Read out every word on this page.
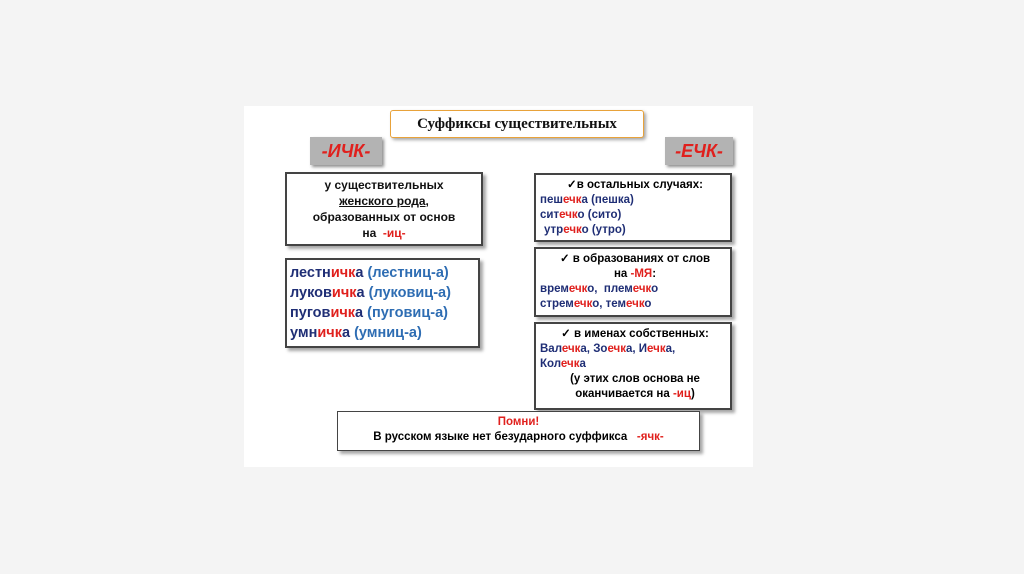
Суффиксы существительных
-ИЧК-	-ЕЧК-
у существительных
женского рода,
образованных от основ
на -иц-
лестничка (лестниц-а)
луковичка (луковиц-а)
пуговичка (пуговиц-а)
умничка (умниц-а)
✓в остальных случаях:
пешечка (пешка)
ситечко (сито)
утречко (утро)
✓ в образованиях от слов
на -МЯ:
времечко, племечко
стремечко, темечко
✓ в именах собственных:
Валечка, Зоечка, Иечка,
Колечка
(у этих слов основа не
оканчивается на -иц)
Помни!
В русском языке нет безударного суффикса -ячк-
